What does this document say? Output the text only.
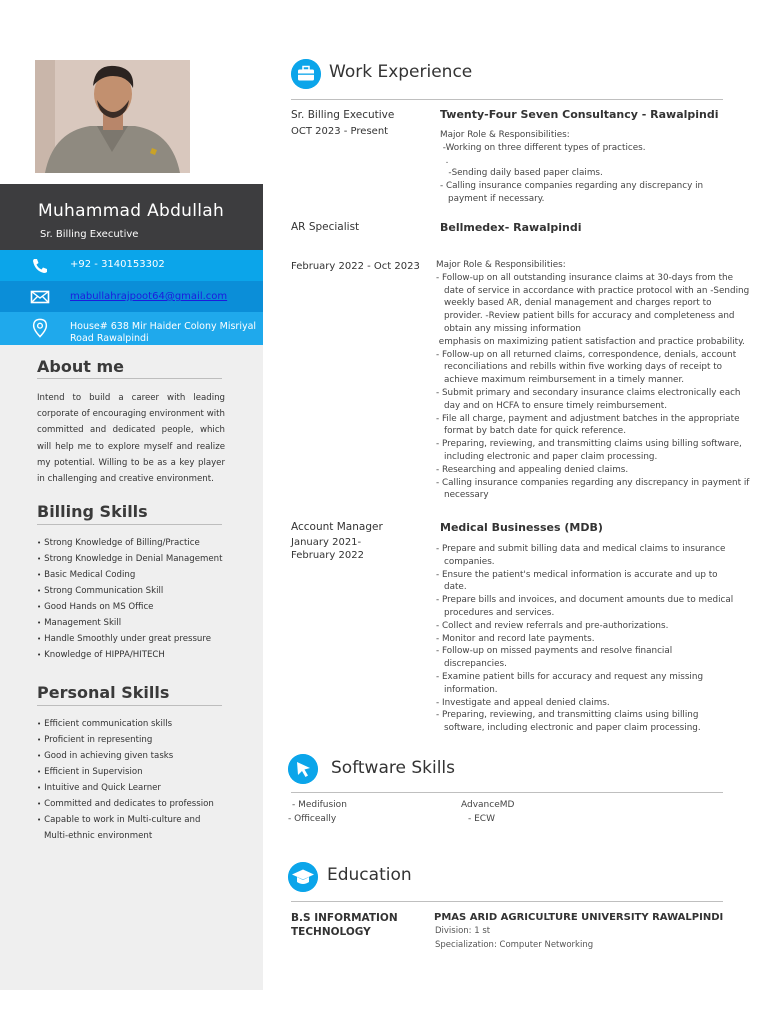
Muhammad Abdullah
Sr. Billing Executive
+92 - 3140153302
mabullahrajpoot64@gmail.com
House# 638 Mir Haider Colony Misriyal Road Rawalpindi
About me
Intend to build a career with leading corporate of encouraging environment with committed and dedicated people, which will help me to explore myself and realize my potential. Willing to be as a key player in challenging and creative environment.
Billing Skills
• Strong Knowledge of Billing/Practice
• Strong Knowledge in Denial Management
• Basic Medical Coding
• Strong Communication Skill
• Good Hands on MS Office
• Management Skill
• Handle Smoothly under great pressure
• Knowledge of HIPPA/HITECH
Personal Skills
• Efficient communication skills
• Proficient in representing
• Good in achieving given tasks
• Efficient in Supervision
• Intuitive and Quick Learner
• Committed and dedicates to profession
• Capable to work in Multi-culture and
Multi-ethnic environment
Work Experience
Sr. Billing Executive
OCT 2023 - Present
Twenty-Four Seven Consultancy - Rawalpindi
Major Role & Responsibilities:
-Working on three different types of practices.
.
-Sending daily based paper claims.
- Calling insurance companies regarding any discrepancy in payment if necessary.
AR Specialist
February 2022 - Oct 2023
Bellmedex- Rawalpindi
Major Role & Responsibilities:
- Follow-up on all outstanding insurance claims at 30-days from the date of service in accordance with practice protocol with an -Sending weekly based AR, denial management and charges report to provider. -Review patient bills for accuracy and completeness and obtain any missing information
emphasis on maximizing patient satisfaction and practice probability.
- Follow-up on all returned claims, correspondence, denials, account reconciliations and rebills within five working days of receipt to achieve maximum reimbursement in a timely manner.
- Submit primary and secondary insurance claims electronically each day and on HCFA to ensure timely reimbursement.
- File all charge, payment and adjustment batches in the appropriate format by batch date for quick reference.
- Preparing, reviewing, and transmitting claims using billing software, including electronic and paper claim processing.
- Researching and appealing denied claims.
- Calling insurance companies regarding any discrepancy in payment if necessary
Account Manager
January 2021- February 2022
Medical Businesses (MDB)
- Prepare and submit billing data and medical claims to insurance companies.
- Ensure the patient's medical information is accurate and up to date.
- Prepare bills and invoices, and document amounts due to medical procedures and services.
- Collect and review referrals and pre-authorizations.
- Monitor and record late payments.
- Follow-up on missed payments and resolve financial discrepancies.
- Examine patient bills for accuracy and request any missing information.
- Investigate and appeal denied claims.
- Preparing, reviewing, and transmitting claims using billing software, including electronic and paper claim processing.
Software Skills
- Medifusion
- Officeally
AdvanceMD
- ECW
Education
B.S INFORMATION TECHNOLOGY
PMAS ARID AGRICULTURE UNIVERSITY RAWALPINDI
Division: 1 st
Specialization: Computer Networking
